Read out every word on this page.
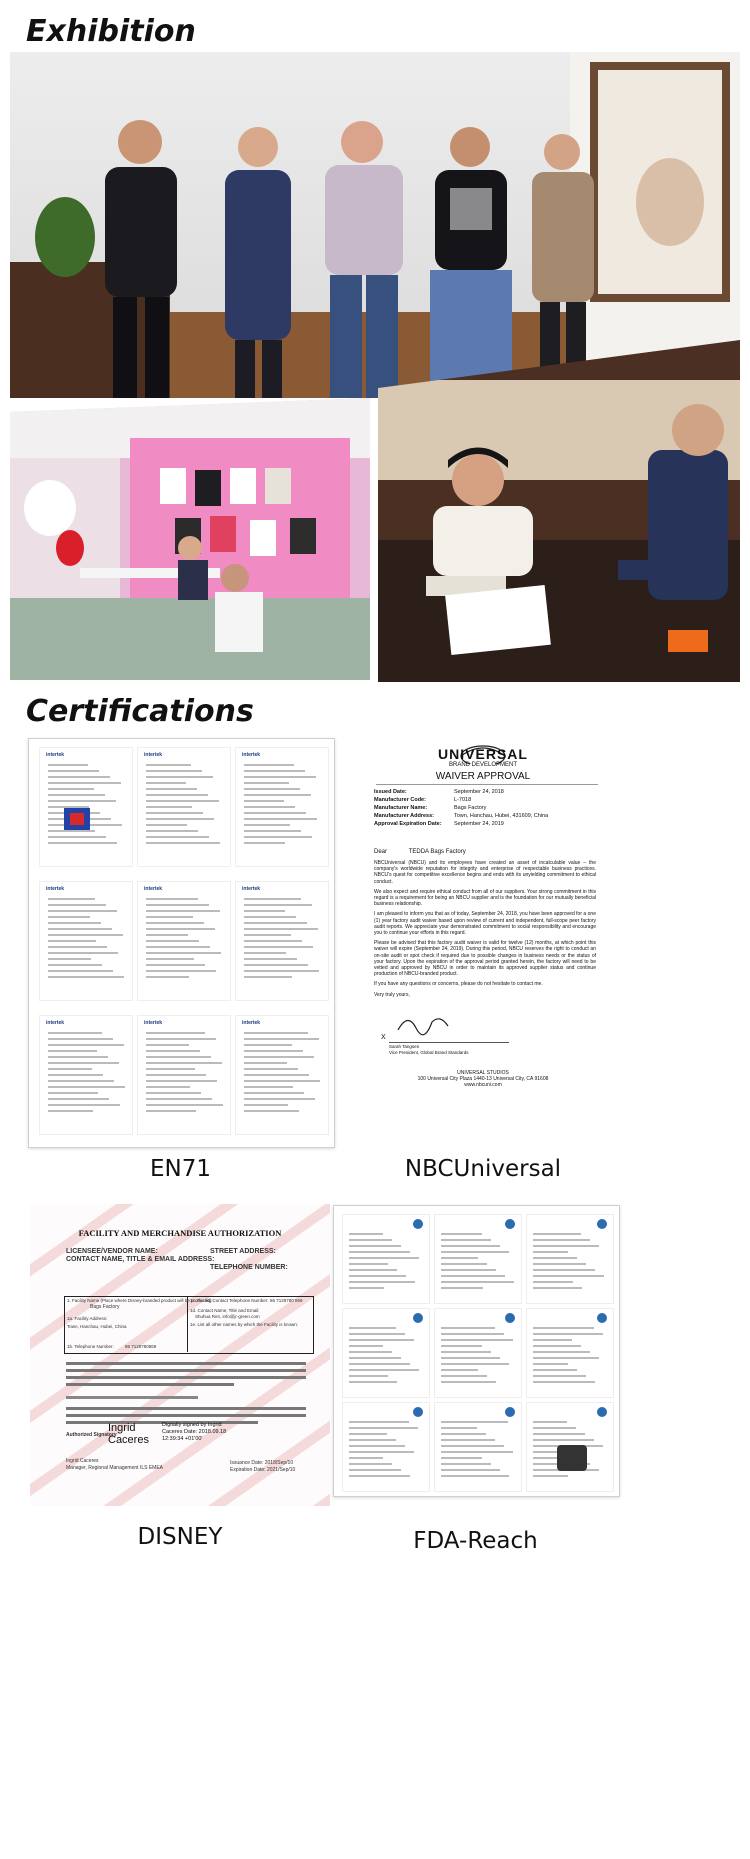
Exhibition
Certifications
intertek	intertek	intertek
intertek	intertek	intertek
intertek	intertek	intertek
EN71
UNIVERSAL
BRAND DEVELOPMENT
WAIVER APPROVAL
Issued Date:	September 24, 2018
Manufacturer Code:	L-7018
Manufacturer Name:	Bags Factory
Manufacturer Address:	Town, Hanchau, Hubei, 431609, China
Approval Expiration Date:	September 24, 2019
Dear	TEDDA Bags Factory

NBCUniversal (NBCU) and its employees have created an asset of incalculable value – the company's worldwide reputation for integrity and enterprise of respectable business practices. NBCU's quest for competitive excellence begins and ends with its unyielding commitment to ethical conduct.

We also expect and require ethical conduct from all of our suppliers. Your strong commitment in this regard is a requirement for being an NBCU supplier and is the foundation for our mutually beneficial business relationship.

I am pleased to inform you that as of today, September 24, 2018, you have been approved for a one (1) year factory audit waiver based upon review of current and independent, full-scope peer factory audit reports. We appreciate your demonstrated commitment to social responsibility and encourage you to continue your efforts in this regard.

Please be advised that this factory audit waiver is valid for twelve (12) months, at which point this waiver will expire (September 24, 2019). During this period, NBCU reserves the right to conduct an on-site audit or spot check if required due to possible changes in business needs or the status of your factory. Upon the expiration of the approval period granted herein, the factory will need to be vetted and approved by NBCU in order to maintain its approved supplier status and continue production of NBCU-branded product.

If you have any questions or concerns, please do not hesitate to contact me.

Very truly yours,

X
Sarah Tangsen
Vice President, Global Brand Standards
UNIVERSAL STUDIOS
100 Universal City Plaza 1440-13 Universal City, CA 91608
www.nbcuni.com
NBCUniversal
FACILITY AND MERCHANDISE AUTHORIZATION
LICENSEE/VENDOR NAME:
CONTACT NAME, TITLE & EMAIL ADDRESS:
STREET ADDRESS:
TELEPHONE NUMBER:
1. Facility Name (Place where Disney-branded product will be produced):
Bags Factory
1a. Facility Address:
Town, Hanchau, Hubei, China
1b. Telephone Number:	86 7128780869
1c. Facility Contact Telephone Number: 86 7128780 869
1d. Contact Name, Title and Email:
Shuhua Ren, info@jr-green.com
1e. List all other names by which the Facility is known:
Authorized Signatory
Ingrid Caceres
Digitally signed by Ingrid Caceres Date: 2018.09.18 12:39:34 +01'00'
Ingrid Caceres
Manager, Regional Management ILS EMEA
Issuance Date: 2018/Sep/10
Expiration Date: 2021/Sep/10
DISNEY	FDA-Reach
